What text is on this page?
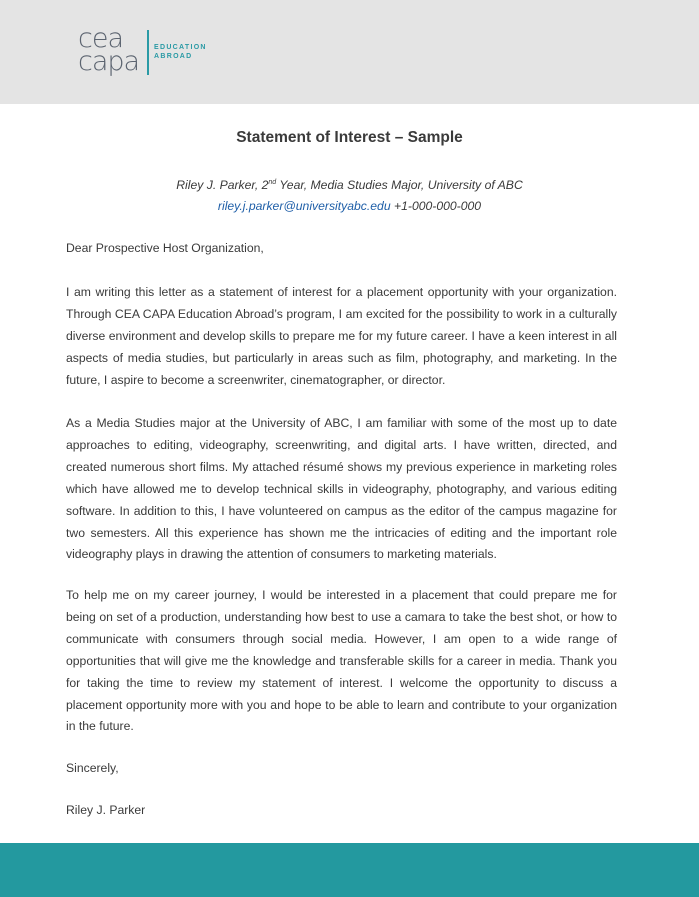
cea
capa EDUCATION
ABROAD
Statement of Interest – Sample
Riley J. Parker, 2nd Year, Media Studies Major, University of ABC
riley.j.parker@universityabc.edu +1-000-000-000
Dear Prospective Host Organization,
I am writing this letter as a statement of interest for a placement opportunity with your organization. Through CEA CAPA Education Abroad’s program, I am excited for the possibility to work in a culturally diverse environment and develop skills to prepare me for my future career. I have a keen interest in all aspects of media studies, but particularly in areas such as film, photography, and marketing. In the future, I aspire to become a screenwriter, cinematographer, or director.
As a Media Studies major at the University of ABC, I am familiar with some of the most up to date approaches to editing, videography, screenwriting, and digital arts. I have written, directed, and created numerous short films. My attached résumé shows my previous experience in marketing roles which have allowed me to develop technical skills in videography, photography, and various editing software. In addition to this, I have volunteered on campus as the editor of the campus magazine for two semesters. All this experience has shown me the intricacies of editing and the important role videography plays in drawing the attention of consumers to marketing materials.
To help me on my career journey, I would be interested in a placement that could prepare me for being on set of a production, understanding how best to use a camara to take the best shot, or how to communicate with consumers through social media. However, I am open to a wide range of opportunities that will give me the knowledge and transferable skills for a career in media. Thank you for taking the time to review my statement of interest. I welcome the opportunity to discuss a placement opportunity more with you and hope to be able to learn and contribute to your organization in the future.
Sincerely,
Riley J. Parker
